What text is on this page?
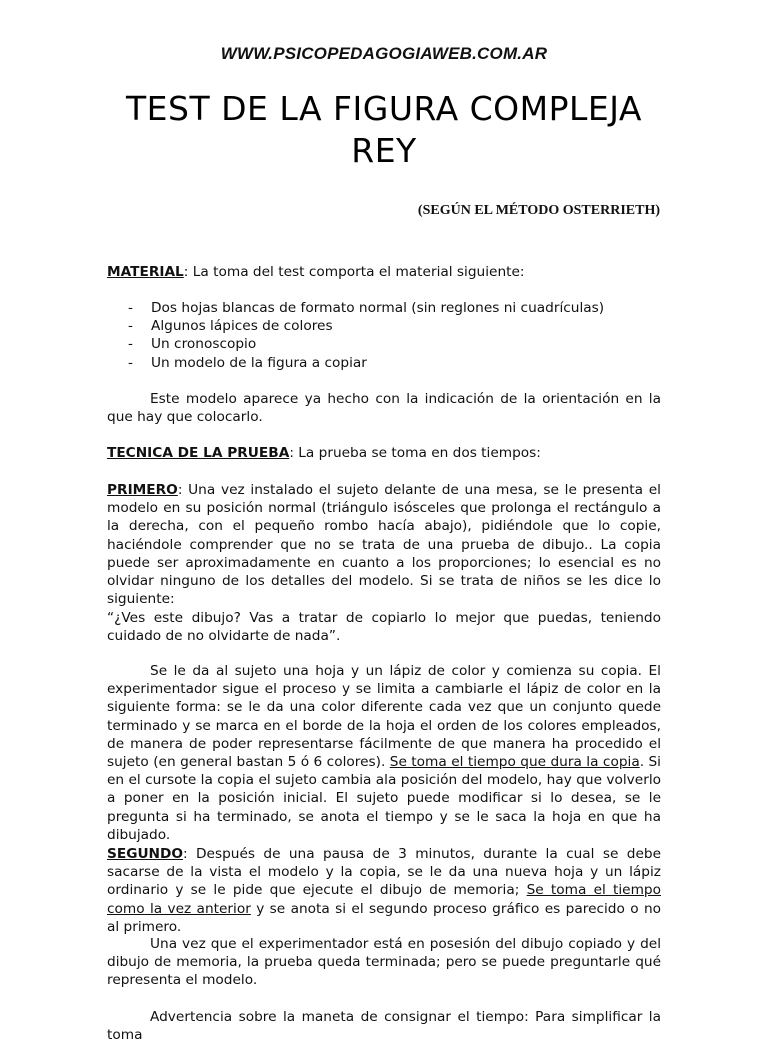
WWW.PSICOPEDAGOGIAWEB.COM.AR
TEST DE LA FIGURA COMPLEJA
REY
(SEGÚN EL MÉTODO OSTERRIETH)
MATERIAL: La toma del test comporta el material siguiente:
- Dos hojas blancas de formato normal (sin reglones ni cuadrículas)
- Algunos lápices de colores
- Un cronoscopio
- Un modelo de la figura a copiar
Este modelo aparece ya hecho con la indicación de la orientación en la que hay que colocarlo.
TECNICA DE LA PRUEBA: La prueba se toma en dos tiempos:
PRIMERO: Una vez instalado el sujeto delante de una mesa, se le presenta el modelo en su posición normal (triángulo isósceles que prolonga el rectángulo a la derecha, con el pequeño rombo hacía abajo), pidiéndole que lo copie, haciéndole comprender que no se trata de una prueba de dibujo.. La copia puede ser aproximadamente en cuanto a los proporciones; lo esencial es no olvidar ninguno de los detalles del modelo. Si se trata de niños se les dice lo siguiente:
“¿Ves este dibujo? Vas a tratar de copiarlo lo mejor que puedas, teniendo cuidado de no olvidarte de nada”.
Se le da al sujeto una hoja y un lápiz de color y comienza su copia. El experimentador sigue el proceso y se limita a cambiarle el lápiz de color en la siguiente forma: se le da una color diferente cada vez que un conjunto quede terminado y se marca en el borde de la hoja el orden de los colores empleados, de manera de poder representarse fácilmente de que manera ha procedido el sujeto (en general bastan 5 ó 6 colores). Se toma el tiempo que dura la copia. Si en el cursote la copia el sujeto cambia ala posición del modelo, hay que volverlo a poner en la posición inicial. El sujeto puede modificar si lo desea, se le pregunta si ha terminado, se anota el tiempo y se le saca la hoja en que ha dibujado.
SEGUNDO: Después de una pausa de 3 minutos, durante la cual se debe sacarse de la vista el modelo y la copia, se le da una nueva hoja y un lápiz ordinario y se le pide que ejecute el dibujo de memoria; Se toma el tiempo como la vez anterior y se anota si el segundo proceso gráfico es parecido o no al primero.
Una vez que el experimentador está en posesión del dibujo copiado y del dibujo de memoria, la prueba queda terminada; pero se puede preguntarle qué representa el modelo.
Advertencia sobre la maneta de consignar el tiempo: Para simplificar la toma
